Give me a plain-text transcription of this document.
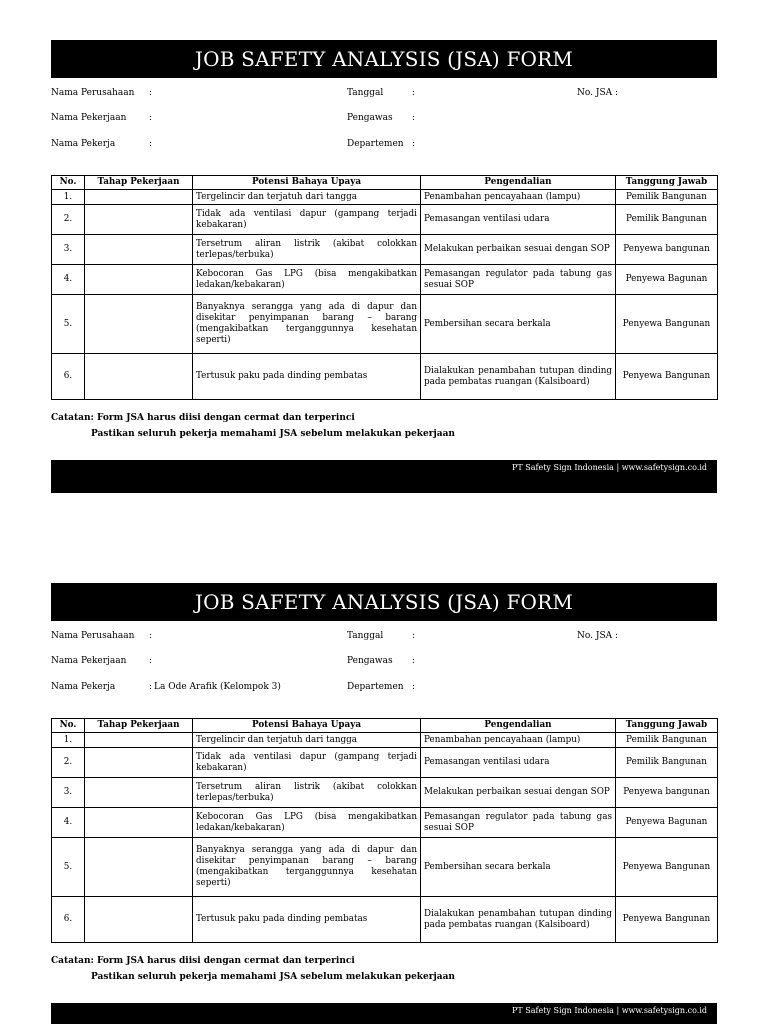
JOB SAFETY ANALYSIS (JSA) FORM
Nama Perusahaan :	Tanggal	:	No. JSA :
Nama Pekerjaan	:	Pengawas :
Nama Pekerja	:	Departemen :
No.	Tahap Pekerjaan	Potensi Bahaya Upaya	Pengendalian	Tanggung Jawab
1.		Tergelincir dan terjatuh dari tangga	Penambahan pencayahaan (lampu)	Pemilik Bangunan
2.		Tidak ada ventilasi dapur (gampang terjadi kebakaran)	Pemasangan ventilasi udara	Pemilik Bangunan
3.		Tersetrum aliran listrik (akibat colokkan terlepas/terbuka)	Melakukan perbaikan sesuai dengan SOP	Penyewa bangunan
4.		Kebocoran Gas LPG (bisa mengakibatkan ledakan/kebakaran)	Pemasangan regulator pada tabung gas sesuai SOP	Penyewa Bagunan
5.		Banyaknya serangga yang ada di dapur dan disekitar penyimpanan barang – barang (mengakibatkan terganggunnya kesehatan seperti)	Pembersihan secara berkala	Penyewa Bangunan
6.		Tertusuk paku pada dinding pembatas	Dialakukan penambahan tutupan dinding pada pembatas ruangan (Kalsiboard)	Penyewa Bangunan
Catatan: Form JSA harus diisi dengan cermat dan terperinci
Pastikan seluruh pekerja memahami JSA sebelum melakukan pekerjaan
PT Safety Sign Indonesia | www.safetysign.co.id
JOB SAFETY ANALYSIS (JSA) FORM
Nama Perusahaan :	Tanggal	:	No. JSA :
Nama Pekerjaan	:	Pengawas :
Nama Pekerja	: La Ode Arafik (Kelompok 3)	Departemen :
No.	Tahap Pekerjaan	Potensi Bahaya Upaya	Pengendalian	Tanggung Jawab
1.		Tergelincir dan terjatuh dari tangga	Penambahan pencayahaan (lampu)	Pemilik Bangunan
2.		Tidak ada ventilasi dapur (gampang terjadi kebakaran)	Pemasangan ventilasi udara	Pemilik Bangunan
3.		Tersetrum aliran listrik (akibat colokkan terlepas/terbuka)	Melakukan perbaikan sesuai dengan SOP	Penyewa bangunan
4.		Kebocoran Gas LPG (bisa mengakibatkan ledakan/kebakaran)	Pemasangan regulator pada tabung gas sesuai SOP	Penyewa Bagunan
5.		Banyaknya serangga yang ada di dapur dan disekitar penyimpanan barang – barang (mengakibatkan terganggunnya kesehatan seperti)	Pembersihan secara berkala	Penyewa Bangunan
6.		Tertusuk paku pada dinding pembatas	Dialakukan penambahan tutupan dinding pada pembatas ruangan (Kalsiboard)	Penyewa Bangunan
Catatan: Form JSA harus diisi dengan cermat dan terperinci
Pastikan seluruh pekerja memahami JSA sebelum melakukan pekerjaan
PT Safety Sign Indonesia | www.safetysign.co.id
